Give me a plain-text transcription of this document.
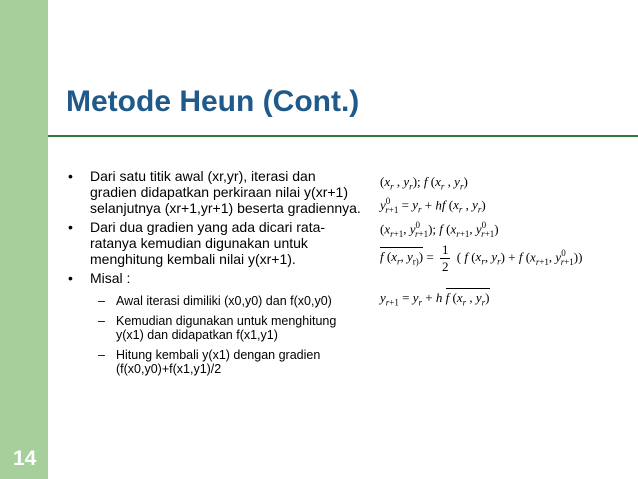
14
Metode Heun (Cont.)
• Dari satu titik awal (xr,yr), iterasi dan gradien didapatkan perkiraan nilai y(xr+1) selanjutnya (xr+1,yr+1) beserta gradiennya.
• Dari dua gradien yang ada dicari rata-ratanya kemudian digunakan untuk menghitung kembali nilai y(xr+1).
• Misal :
– Awal iterasi dimiliki (x0,y0) dan f(x0,y0)
– Kemudian digunakan untuk menghitung y(x1) dan didapatkan f(x1,y1)
– Hitung kembali y(x1) dengan gradien (f(x0,y0)+f(x1,y1)/2
($x_r$ , $y_r$); f ($x_r$ , $y_r$)
$y^0_{r+1} = y_r$ + hf ($x_r$ , $y_r$)
($x_{r+1}$, $y^0_{r+1}$); f ($x_{r+1}$, $y^0_{r+1}$)
f ($x_r$, $y_{r)}) = \frac{1}{2}$ ( f ($x_r$, $y_r) + f$ ($x_{r+1}$, $y^0_{r+1}$))
$y_{r+1} = y_r + h$ f ($x_r$ , $y_r$)
